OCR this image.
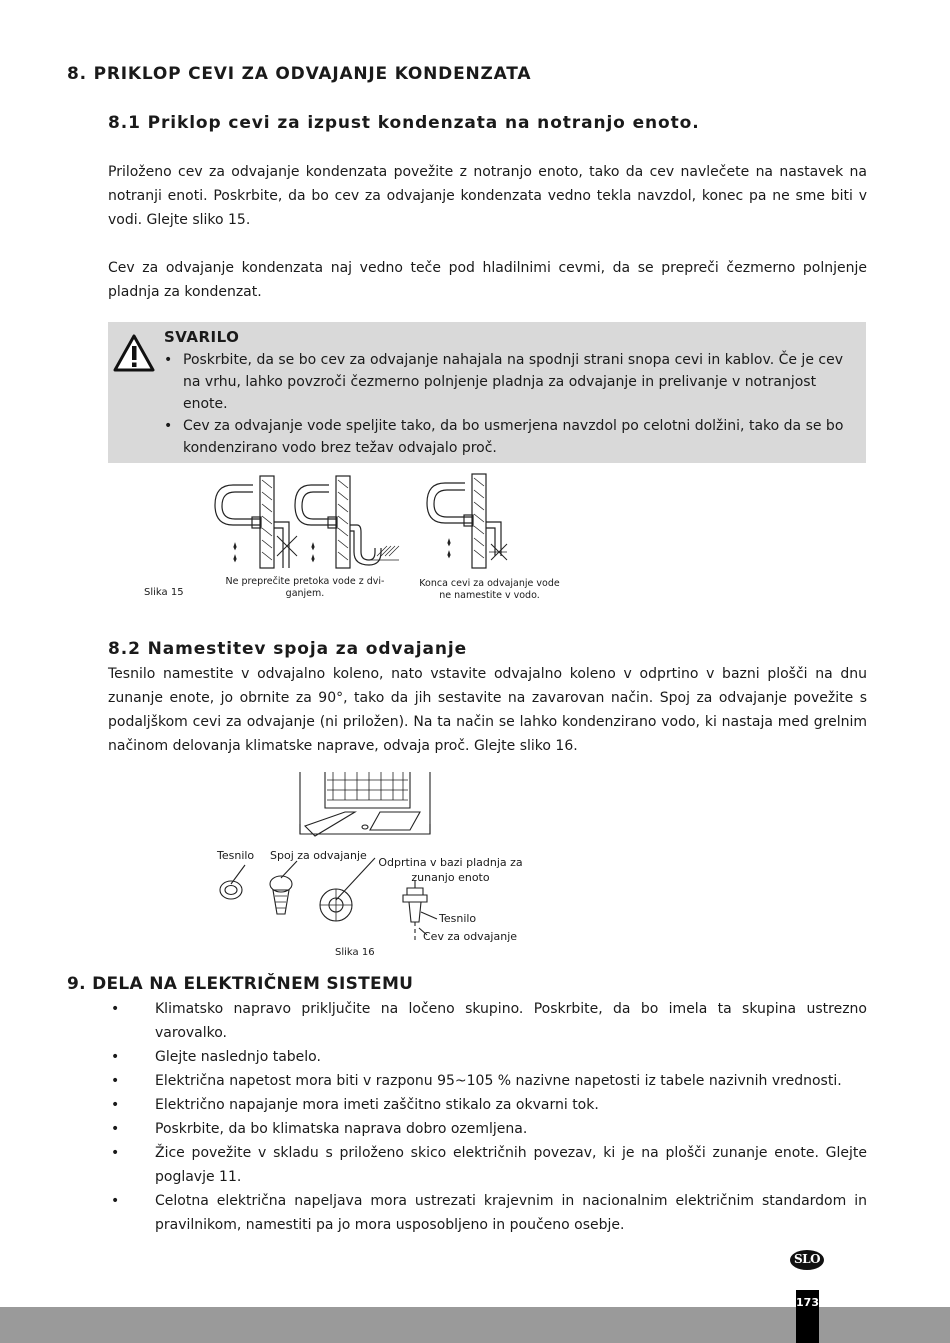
8. PRIKLOP CEVI ZA ODVAJANJE KONDENZATA
8.1 Priklop cevi za izpust kondenzata na notranjo enoto.
Priloženo cev za odvajanje kondenzata povežite z notranjo enoto, tako da cev navlečete na nastavek na notranji enoti. Poskrbite, da bo cev za odvajanje kondenzata vedno tekla navzdol, konec pa ne sme biti v vodi. Glejte sliko 15.
Cev za odvajanje kondenzata naj vedno teče pod hladilnimi cevmi, da se prepreči čezmerno polnjenje pladnja za kondenzat.
SVARILO
• Poskrbite, da se bo cev za odvajanje nahajala na spodnji strani snopa cevi in kablov. Če je cev na vrhu, lahko povzroči čezmerno polnjenje pladnja za odvajanje in prelivanje v notranjost enote.
• Cev za odvajanje vode speljite tako, da bo usmerjena navzdol po celotni dolžini, tako da se bo kondenzirano vodo brez težav odvajalo proč.
Slika 15
Ne preprečite pretoka vode z dvi-ganjem.
Konca cevi za odvajanje vode ne namestite v vodo.
8.2 Namestitev spoja za odvajanje
Tesnilo namestite v odvajalno koleno, nato vstavite odvajalno koleno v odprtino v bazni plošči na dnu zunanje enote, jo obrnite za 90°, tako da jih sestavite na zavarovan način. Spoj za odvajanje povežite s podaljškom cevi za odvajanje (ni priložen). Na ta način se lahko kondenzirano vodo, ki nastaja med grelnim načinom delovanja klimatske naprave, odvaja proč. Glejte sliko 16.
Tesnilo Spoj za odvajanje
Odprtina v bazi pladnja za zunanjo enoto
Tesnilo
Cev za odvajanje
Slika 16
9. DELA NA ELEKTRIČNEM SISTEMU
• Klimatsko napravo priključite na ločeno skupino. Poskrbite, da bo imela ta skupina ustrezno varovalko.
• Glejte naslednjo tabelo.
• Električna napetost mora biti v razponu 95~105 % nazivne napetosti iz tabele nazivnih vrednosti.
• Električno napajanje mora imeti zaščitno stikalo za okvarni tok.
• Poskrbite, da bo klimatska naprava dobro ozemljena.
• Žice povežite v skladu s priloženo skico električnih povezav, ki je na plošči zunanje enote. Glejte poglavje 11.
• Celotna električna napeljava mora ustrezati krajevnim in nacionalnim električnim standardom in pravilnikom, namestiti pa jo mora usposobljeno in poučeno osebje.
SLO
173
